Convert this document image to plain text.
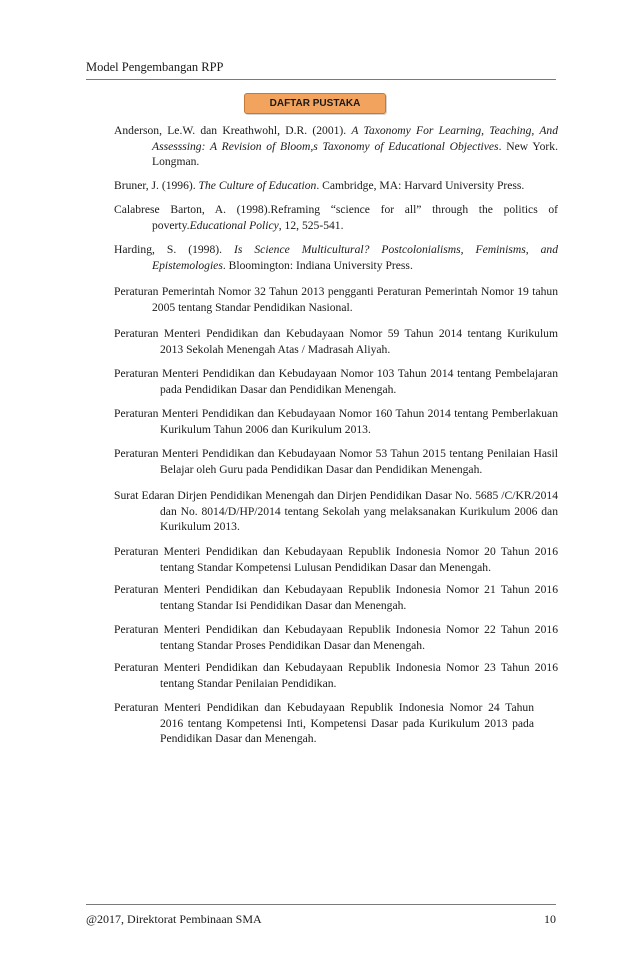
Model Pengembangan RPP
DAFTAR PUSTAKA
Anderson, Le.W. dan Kreathwohl, D.R. (2001). A Taxonomy For Learning, Teaching, And Assesssing: A Revision of Bloom,s Taxonomy of Educational Objectives. New York. Longman.
Bruner, J. (1996). The Culture of Education. Cambridge, MA: Harvard University Press.
Calabrese Barton, A. (1998).Reframing “science for all” through the politics of poverty.Educational Policy, 12, 525-541.
Harding, S. (1998). Is Science Multicultural? Postcolonialisms, Feminisms, and Epistemologies. Bloomington: Indiana University Press.
Peraturan Pemerintah Nomor 32 Tahun 2013 pengganti Peraturan Pemerintah Nomor 19 tahun 2005 tentang Standar Pendidikan Nasional.
Peraturan Menteri Pendidikan dan Kebudayaan Nomor 59 Tahun 2014 tentang Kurikulum 2013 Sekolah Menengah Atas / Madrasah Aliyah.
Peraturan Menteri Pendidikan dan Kebudayaan Nomor 103 Tahun 2014 tentang Pembelajaran pada Pendidikan Dasar dan Pendidikan Menengah.
Peraturan Menteri Pendidikan dan Kebudayaan Nomor 160 Tahun 2014 tentang Pemberlakuan Kurikulum Tahun 2006 dan Kurikulum 2013.
Peraturan Menteri Pendidikan dan Kebudayaan Nomor 53 Tahun 2015 tentang Penilaian Hasil Belajar oleh Guru pada Pendidikan Dasar dan Pendidikan Menengah.
Surat Edaran Dirjen Pendidikan Menengah dan Dirjen Pendidikan Dasar No. 5685 /C/KR/2014 dan No. 8014/D/HP/2014 tentang Sekolah yang melaksanakan Kurikulum 2006 dan Kurikulum 2013.
Peraturan Menteri Pendidikan dan Kebudayaan Republik Indonesia Nomor 20 Tahun 2016 tentang Standar Kompetensi Lulusan Pendidikan Dasar dan Menengah.
Peraturan Menteri Pendidikan dan Kebudayaan Republik Indonesia Nomor 21 Tahun 2016 tentang Standar Isi Pendidikan Dasar dan Menengah.
Peraturan Menteri Pendidikan dan Kebudayaan Republik Indonesia Nomor 22 Tahun 2016 tentang Standar Proses Pendidikan Dasar dan Menengah.
Peraturan Menteri Pendidikan dan Kebudayaan Republik Indonesia Nomor 23 Tahun 2016 tentang Standar Penilaian Pendidikan.
Peraturan Menteri Pendidikan dan Kebudayaan Republik Indonesia Nomor 24 Tahun 2016 tentang Kompetensi Inti, Kompetensi Dasar pada Kurikulum 2013 pada Pendidikan Dasar dan Menengah.
@2017, Direktorat Pembinaan SMA	10
